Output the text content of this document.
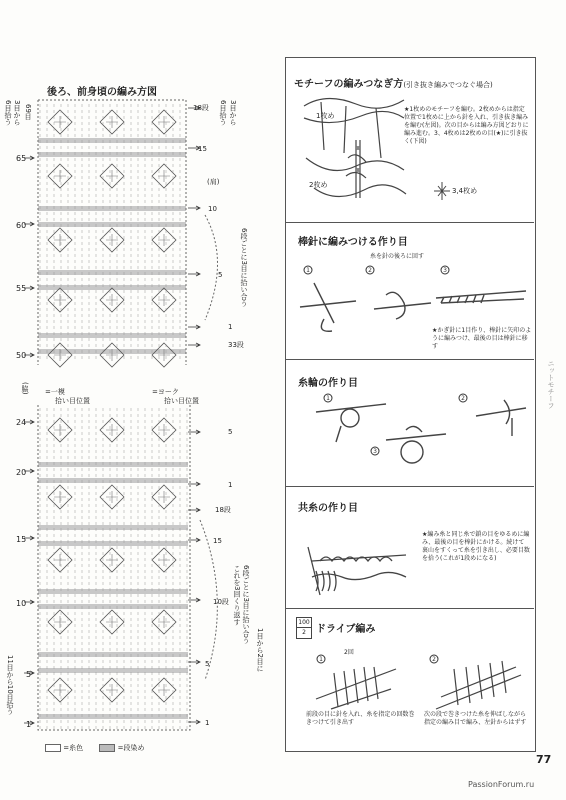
後ろ、前身頃の編み方図
6目拾う 3目から 69目	3目から
6目拾う
18段
15
(肩)
10
5	6段ごとに3目に拾い合う
1
33段
(脇) =一模
拾い目位置
=ヨーク
拾い目位置
5
1
18段
15
6段ごとに3目に拾い合う これを3回くり返す
10段
1目から2目に
5
1
11目から10目拾う
65
60
55
50
24
20
15
10
5
1
=糸色	=段染め
モチーフの編みつなぎ方(引き抜き編みでつなぐ場合)
1枚め
2枚め
3,4枚め
★1枚めのモチーフを編む。2枚めからは指定位置で1枚めに上から針を入れ、引き抜き編みを編む(左図)。次の目からは編み方図どおりに編み進む。3、4枚めは2枚めの目(★)に引き抜く(下図)
棒針に編みつける作り目
糸を針の後ろに回す
1	2	3
★かぎ針に1目作り、棒針に矢印のように編みつけ、最後の目は棒針に移す
糸輪の作り目
1	2
3
共糸の作り目
★編み糸と同じ糸で鎖の目をゆるめに編み、最後の目を棒針にかける。続けて裏山をすくって糸を引き出し、必要目数を拾う(これが1段めになる)
100
2	ドライブ編み
2回
1	2
前段の目に針を入れ、糸を指定の回数巻きつけて引き出す
次の段で巻きつけた糸を伸ばしながら指定の編み目で編み、左針からはずす
ニットモチーフ
77
PassionForum.ru
